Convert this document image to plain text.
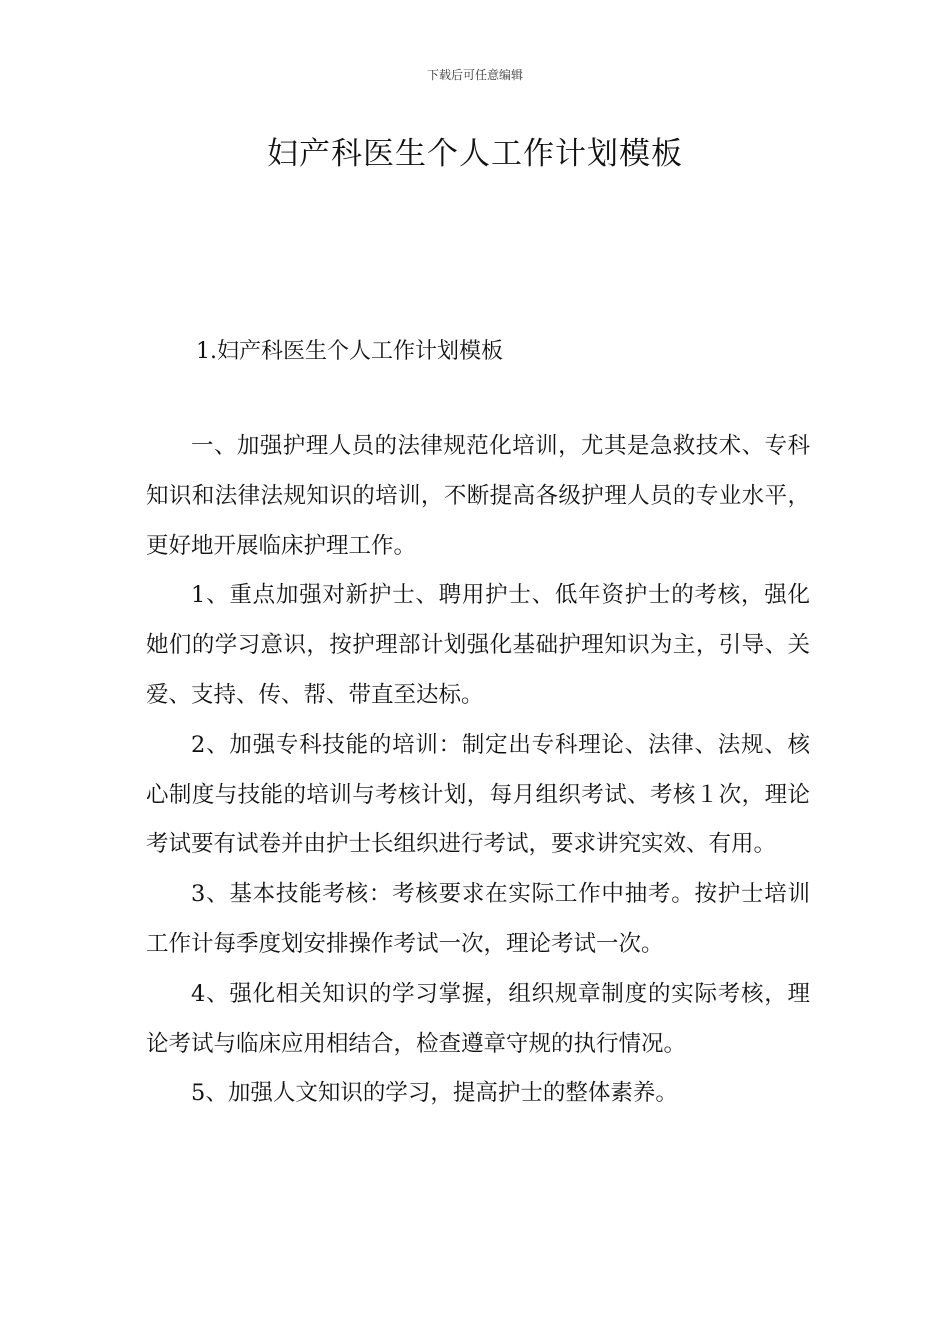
下载后可任意编辑
妇产科医生个人工作计划模板

1.妇产科医生个人工作计划模板

一、加强护理人员的法律规范化培训，尤其是急救技术、专科知识和法律法规知识的培训，不断提高各级护理人员的专业水平，更好地开展临床护理工作。

1、重点加强对新护士、聘用护士、低年资护士的考核，强化她们的学习意识，按护理部计划强化基础护理知识为主，引导、关爱、支持、传、帮、带直至达标。

2、加强专科技能的培训：制定出专科理论、法律、法规、核心制度与技能的培训与考核计划，每月组织考试、考核１次，理论考试要有试卷并由护士长组织进行考试，要求讲究实效、有用。

3、基本技能考核：考核要求在实际工作中抽考。按护士培训工作计每季度划安排操作考试一次，理论考试一次。

4、强化相关知识的学习掌握，组织规章制度的实际考核，理论考试与临床应用相结合，检查遵章守规的执行情况。

5、加强人文知识的学习，提高护士的整体素养。
